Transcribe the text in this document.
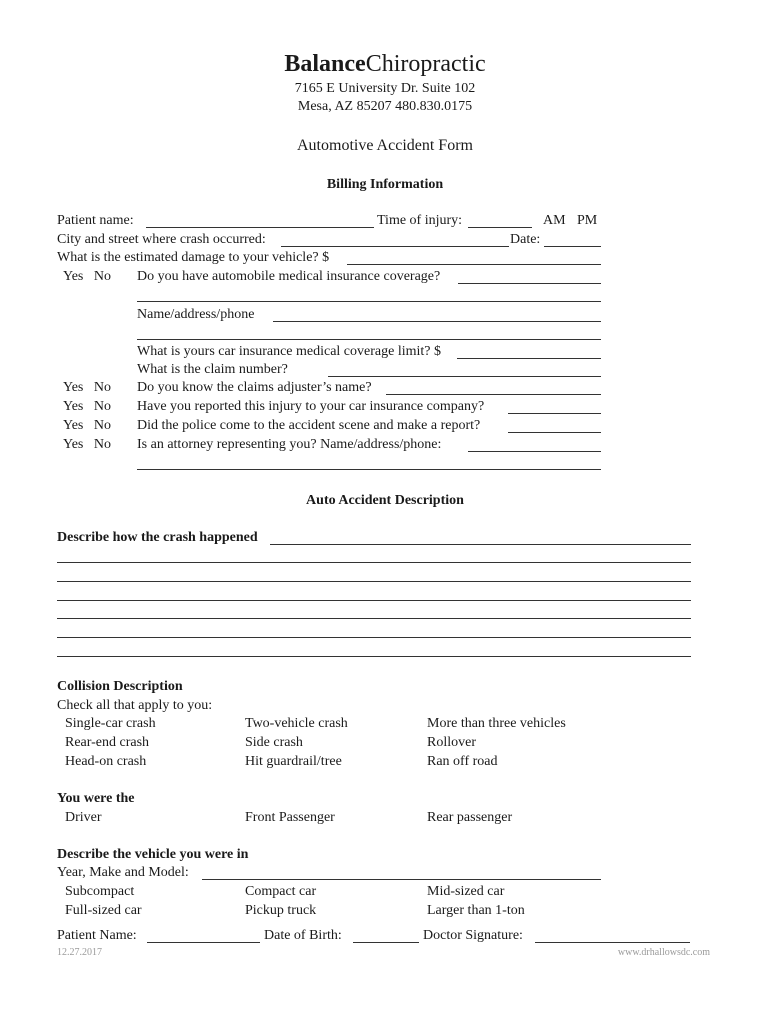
BalanceChiropractic
7165 E University Dr. Suite 102
Mesa, AZ 85207 480.830.0175
Automotive Accident Form
Billing Information
Patient name:	Time of injury:	AM PM
City and street where crash occurred:	Date:
What is the estimated damage to your vehicle? $
Yes No	Do you have automobile medical insurance coverage?
Name/address/phone
What is yours car insurance medical coverage limit? $
What is the claim number?
Yes No	Do you know the claims adjuster’s name?
Yes No	Have you reported this injury to your car insurance company?
Yes No	Did the police come to the accident scene and make a report?
Yes No	Is an attorney representing you? Name/address/phone:
Auto Accident Description
Describe how the crash happened
Collision Description
Check all that apply to you:
Single-car crash	Two-vehicle crash	More than three vehicles
Rear-end crash	Side crash	Rollover
Head-on crash	Hit guardrail/tree	Ran off road
You were the
Driver	Front Passenger	Rear passenger
Describe the vehicle you were in
Year, Make and Model:
Subcompact	Compact car	Mid-sized car
Full-sized car	Pickup truck	Larger than 1-ton
Patient Name:	Date of Birth:	Doctor Signature:
12.27.2017	www.drhallowsdc.com
